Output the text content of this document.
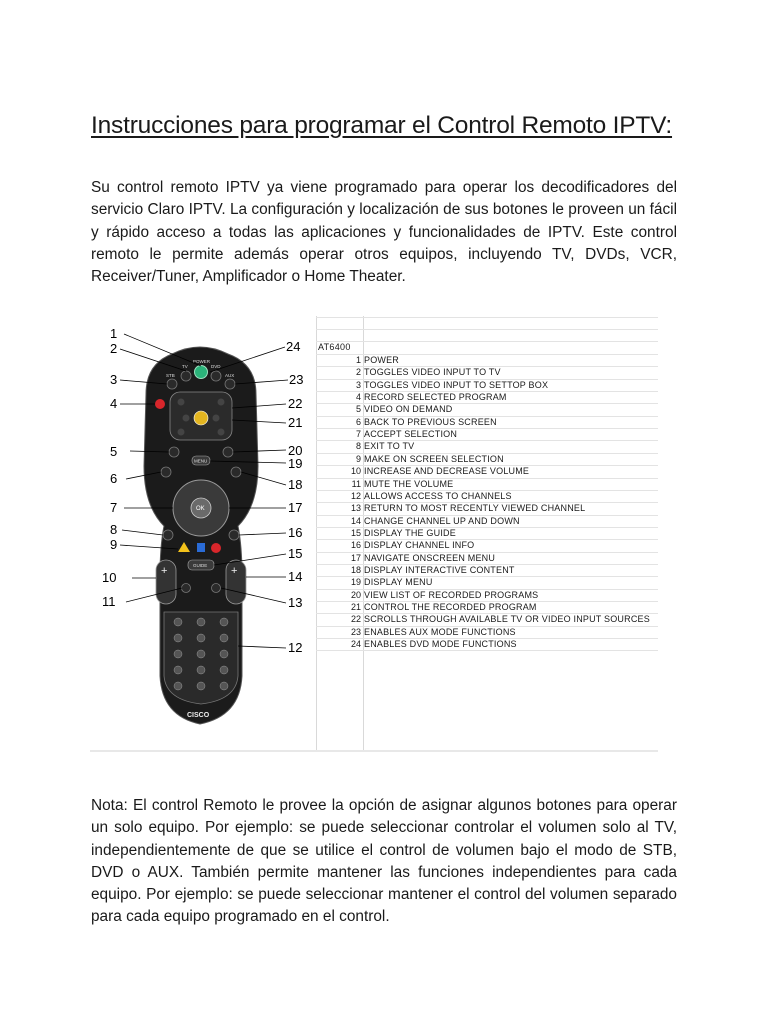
Instrucciones para programar el Control Remoto IPTV:

Su control remoto IPTV ya viene programado para operar los decodificadores del servicio Claro IPTV. La configuración y localización de sus botones le proveen un fácil y rápido acceso a todas las aplicaciones y funcionalidades de IPTV. Este control remoto le permite además operar otros equipos, incluyendo TV, DVDs, VCR, Receiver/Tuner, Amplificador o Home Theater.

STB
TV
POWER
DVD
AUX
MENU
OK
GUIDE
+	+
CISCO
1
2
3
4
5
6
7
8
9
10
11
24
23
22
21
20
19
18
17
16
15
14
13
12
AT6400
1 POWER
2 TOGGLES VIDEO INPUT TO TV
3 TOGGLES VIDEO INPUT TO SETTOP BOX
4 RECORD SELECTED PROGRAM
5 VIDEO ON DEMAND
6 BACK TO PREVIOUS SCREEN
7 ACCEPT SELECTION
8 EXIT TO TV
9 MAKE ON SCREEN SELECTION
10 INCREASE AND DECREASE VOLUME
11 MUTE THE VOLUME
12 ALLOWS ACCESS TO CHANNELS
13 RETURN TO MOST RECENTLY VIEWED CHANNEL
14 CHANGE CHANNEL UP AND DOWN
15 DISPLAY THE GUIDE
16 DISPLAY CHANNEL INFO
17 NAVIGATE ONSCREEN MENU
18 DISPLAY INTERACTIVE CONTENT
19 DISPLAY MENU
20 VIEW LIST OF RECORDED PROGRAMS
21 CONTROL THE RECORDED PROGRAM
22 SCROLLS THROUGH AVAILABLE TV OR VIDEO INPUT SOURCES
23 ENABLES AUX MODE FUNCTIONS
24 ENABLES DVD MODE FUNCTIONS

Nota: El control Remoto le provee la opción de asignar algunos botones para operar un solo equipo. Por ejemplo: se puede seleccionar controlar el volumen solo al TV, independientemente de que se utilice el control de volumen bajo el modo de STB, DVD o AUX. También permite mantener las funciones independientes para cada equipo. Por ejemplo: se puede seleccionar mantener el control del volumen separado para cada equipo programado en el control.
